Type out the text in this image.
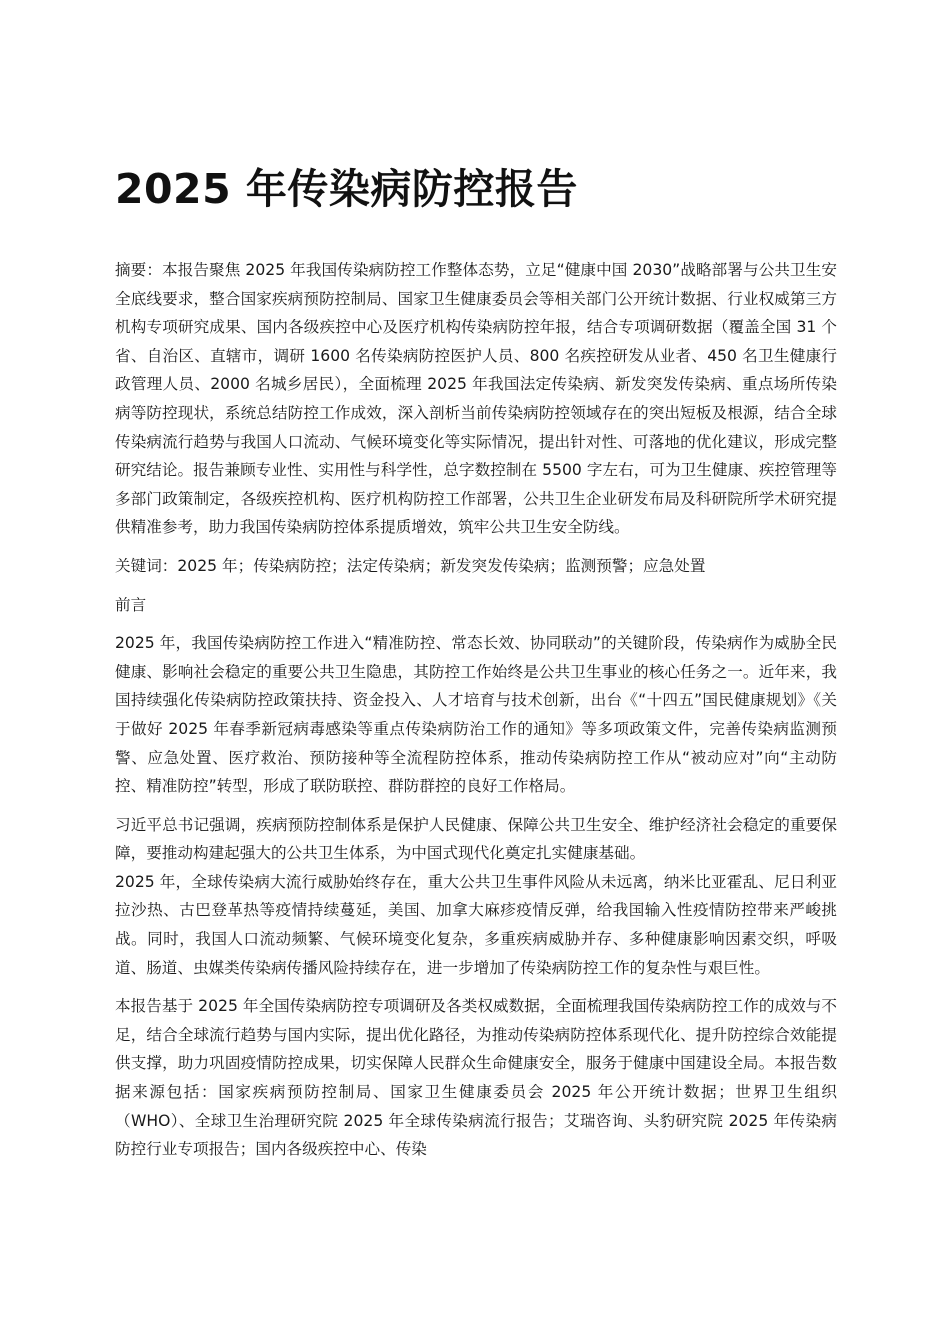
2025 年传染病防控报告

摘要：本报告聚焦 2025 年我国传染病防控工作整体态势，立足“健康中国 2030”战略部署与公共卫生安全底线要求，整合国家疾病预防控制局、国家卫生健康委员会等相关部门公开统计数据、行业权威第三方机构专项研究成果、国内各级疾控中心及医疗机构传染病防控年报，结合专项调研数据（覆盖全国 31 个省、自治区、直辖市，调研 1600 名传染病防控医护人员、800 名疾控研发从业者、450 名卫生健康行政管理人员、2000 名城乡居民），全面梳理 2025 年我国法定传染病、新发突发传染病、重点场所传染病等防控现状，系统总结防控工作成效，深入剖析当前传染病防控领域存在的突出短板及根源，结合全球传染病流行趋势与我国人口流动、气候环境变化等实际情况，提出针对性、可落地的优化建议，形成完整研究结论。报告兼顾专业性、实用性与科学性，总字数控制在 5500 字左右，可为卫生健康、疾控管理等多部门政策制定，各级疾控机构、医疗机构防控工作部署，公共卫生企业研发布局及科研院所学术研究提供精准参考，助力我国传染病防控体系提质增效，筑牢公共卫生安全防线。

关键词：2025 年；传染病防控；法定传染病；新发突发传染病；监测预警；应急处置

前言

2025 年，我国传染病防控工作进入“精准防控、常态长效、协同联动”的关键阶段，传染病作为威胁全民健康、影响社会稳定的重要公共卫生隐患，其防控工作始终是公共卫生事业的核心任务之一。近年来，我国持续强化传染病防控政策扶持、资金投入、人才培育与技术创新，出台《“十四五”国民健康规划》《关于做好 2025 年春季新冠病毒感染等重点传染病防治工作的通知》等多项政策文件，完善传染病监测预警、应急处置、医疗救治、预防接种等全流程防控体系，推动传染病防控工作从“被动应对”向“主动防控、精准防控”转型，形成了联防联控、群防群控的良好工作格局。

习近平总书记强调，疾病预防控制体系是保护人民健康、保障公共卫生安全、维护经济社会稳定的重要保障，要推动构建起强大的公共卫生体系，为中国式现代化奠定扎实健康基础。

2025 年，全球传染病大流行威胁始终存在，重大公共卫生事件风险从未远离，纳米比亚霍乱、尼日利亚拉沙热、古巴登革热等疫情持续蔓延，美国、加拿大麻疹疫情反弹，给我国输入性疫情防控带来严峻挑战。同时，我国人口流动频繁、气候环境变化复杂，多重疾病威胁并存、多种健康影响因素交织，呼吸道、肠道、虫媒类传染病传播风险持续存在，进一步增加了传染病防控工作的复杂性与艰巨性。

本报告基于 2025 年全国传染病防控专项调研及各类权威数据，全面梳理我国传染病防控工作的成效与不足，结合全球流行趋势与国内实际，提出优化路径，为推动传染病防控体系现代化、提升防控综合效能提供支撑，助力巩固疫情防控成果，切实保障人民群众生命健康安全，服务于健康中国建设全局。本报告数据来源包括：国家疾病预防控制局、国家卫生健康委员会 2025 年公开统计数据；世界卫生组织（WHO）、全球卫生治理研究院 2025 年全球传染病流行报告；艾瑞咨询、头豹研究院 2025 年传染病防控行业专项报告；国内各级疾控中心、传染
